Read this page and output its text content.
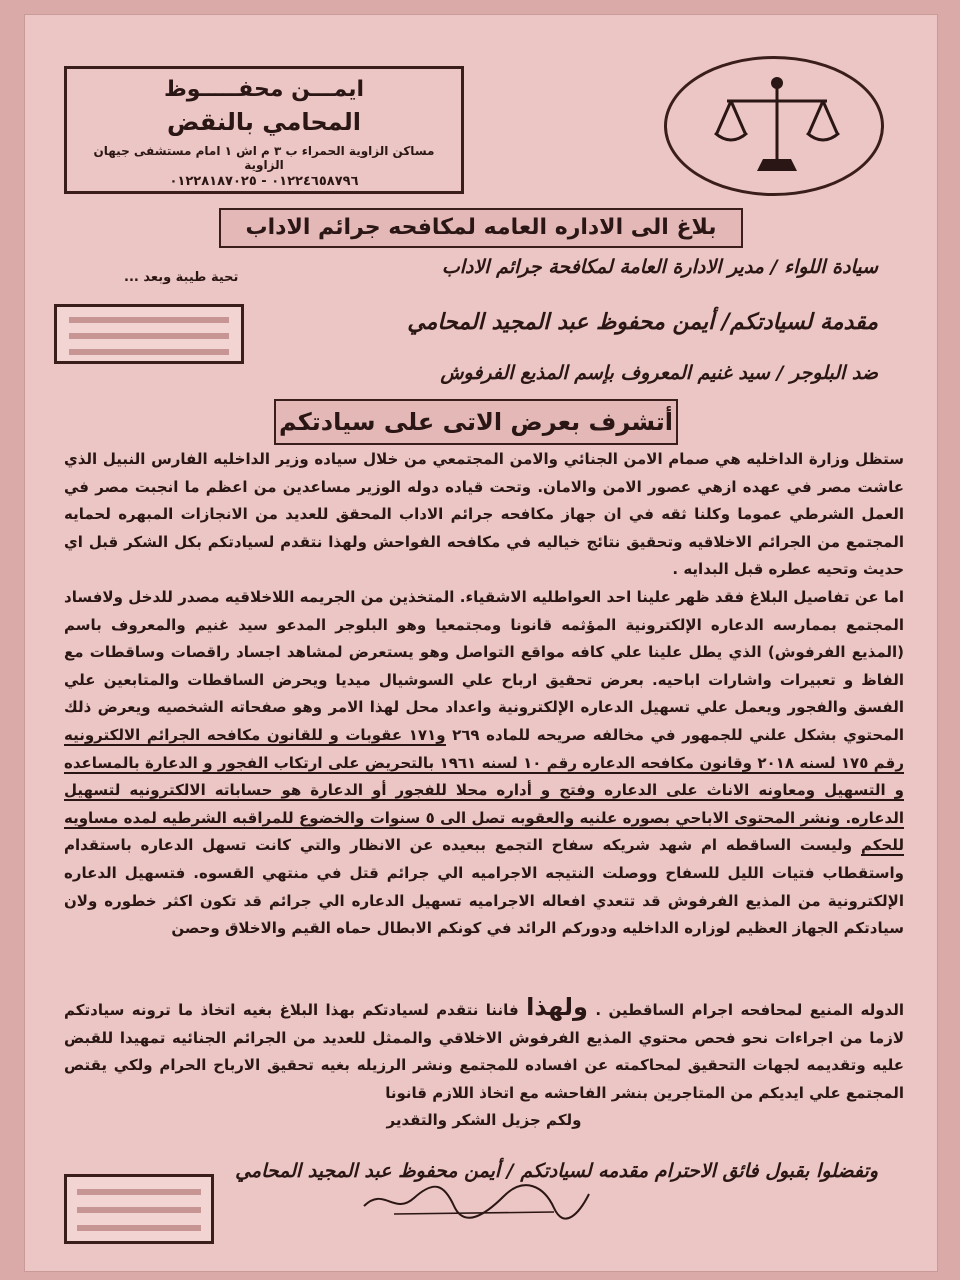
ايمـــن محفـــــوظ
المحامي بالنقض
مساكن الزاوية الحمراء ب ٣ م اش ١ امام مستشفى جيهان الزاوية
٠١٢٢٤٦٥٨٧٩٦ - ٠١٢٢٨١٨٧٠٢٥
بلاغ الى الاداره العامه لمكافحه جرائم الاداب
سيادة اللواء / مدير الادارة العامة لمكافحة جرائم الاداب
تحية طيبة وبعد ...
مقدمة لسيادتكم/ أيمن محفوظ عبد المجيد المحامي
ضد البلوجر / سيد غنيم المعروف بإسم المذيع الفرفوش
أتشرف بعرض الاتى على سيادتكم

ستظل وزارة الداخليه هي صمام الامن الجنائي والامن المجتمعي من خلال سياده وزير الداخليه الفارس النبيل الذي عاشت مصر في عهده ازهي عصور الامن والامان. وتحت قياده دوله الوزير مساعدين من اعظم ما انجبت مصر في العمل الشرطي عموما وكلنا ثقه في ان جهاز مكافحه جرائم الاداب المحقق للعديد من الانجازات المبهره لحمايه المجتمع من الجرائم الاخلاقيه وتحقيق نتائج خياليه في مكافحه الفواحش ولهذا نتقدم لسيادتكم بكل الشكر قبل اي حديث وتحيه عطره قبل البدايه .

اما عن تفاصيل البلاغ فقد ظهر علينا احد العواطليه الاشقياء. المتخذين من الجريمه اللاخلاقيه مصدر للدخل ولافساد المجتمع بممارسه الدعاره الإلكترونية المؤثمه قانونا ومجتمعيا وهو البلوجر المدعو سيد غنيم والمعروف باسم (المذيع الفرفوش) الذي يطل علينا علي كافه مواقع التواصل وهو يستعرض لمشاهد اجساد راقصات وساقطات مع الفاظ و تعبيرات واشارات اباحيه. بعرض تحقيق ارباح علي السوشيال ميديا ويحرض الساقطات والمتابعين علي الفسق والفجور ويعمل علي تسهيل الدعاره الإلكترونية واعداد محل لهذا الامر وهو صفحاته الشخصيه ويعرض ذلك المحتوي بشكل علني للجمهور في مخالفه صريحه للماده ٢٦٩ و١٧١ عقوبات و للقانون مكافحه الجرائم الالكترونيه رقم ١٧٥ لسنه ٢٠١٨ وقانون مكافحه الدعاره رقم ١٠ لسنه ١٩٦١ بالتحريض على ارتكاب الفجور و الدعارة بالمساعده و التسهيل ومعاونه الاناث على الدعاره وفتح و أداره محلا للفجور أو الدعارة هو حساباته الالكترونيه لتسهيل الدعاره. ونشر المحتوى الاباحي بصوره علنيه والعقوبه تصل الى ٥ سنوات والخضوع للمراقبه الشرطيه لمده مساويه للحكم وليست الساقطه ام شهد شريكه سفاح التجمع ببعيده عن الانظار والتي كانت تسهل الدعاره باستقدام واستقطاب فتيات الليل للسفاح ووصلت النتيجه الاجراميه الي جرائم قتل في منتهي القسوه. فتسهيل الدعاره الإلكترونية من المذيع الفرفوش قد تتعدي افعاله الاجراميه تسهيل الدعاره الي جرائم قد تكون اكثر خطوره ولان سيادتكم الجهاز العظيم لوزاره الداخليه ودوركم الرائد في كونكم الابطال حماه القيم والاخلاق وحصن

الدوله المنيع لمحافحه اجرام الساقطين . ولهذا فاننا نتقدم لسيادتكم بهذا البلاغ بغيه اتخاذ ما ترونه سيادتكم لازما من اجراءات نحو فحص محتوي المذيع الفرفوش الاخلاقي والممثل للعديد من الجرائم الجنائيه تمهيدا للقبض عليه وتقديمه لجهات التحقيق لمحاكمته عن افساده للمجتمع ونشر الرزيله بغيه تحقيق الارباح الحرام ولكي يقتص المجتمع علي ايديكم من المتاجرين بنشر الفاحشه مع اتخاذ اللازم قانونا

ولكم جزيل الشكر والتقدير

وتفضلوا بقبول فائق الاحترام مقدمه لسيادتكم / أيمن محفوظ عبد المجيد المحامي
